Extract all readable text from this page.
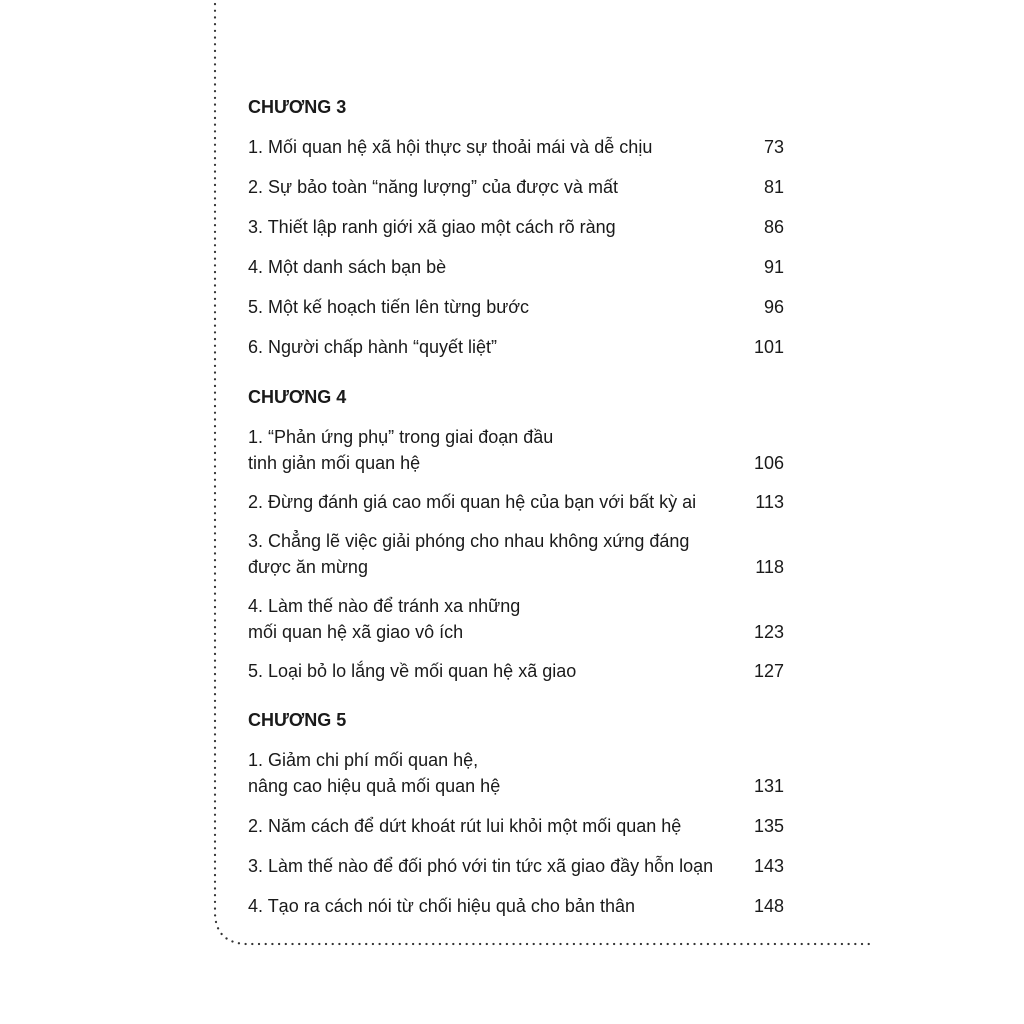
CHƯƠNG 3
1. Mối quan hệ xã hội thực sự thoải mái và dễ chịu	73
2. Sự bảo toàn “năng lượng” của được và mất	81
3. Thiết lập ranh giới xã giao một cách rõ ràng	86
4. Một danh sách bạn bè	91
5. Một kế hoạch tiến lên từng bước	96
6. Người chấp hành “quyết liệt”	101
CHƯƠNG 4
1. “Phản ứng phụ” trong giai đoạn đầu
tinh giản mối quan hệ	106
2. Đừng đánh giá cao mối quan hệ của bạn với bất kỳ ai	113
3. Chẳng lẽ việc giải phóng cho nhau không xứng đáng
được ăn mừng	118
4. Làm thế nào để tránh xa những
mối quan hệ xã giao vô ích	123
5. Loại bỏ lo lắng về mối quan hệ xã giao	127
CHƯƠNG 5
1. Giảm chi phí mối quan hệ,
nâng cao hiệu quả mối quan hệ	131
2. Năm cách để dứt khoát rút lui khỏi một mối quan hệ	135
3. Làm thế nào để đối phó với tin tức xã giao đầy hỗn loạn	143
4. Tạo ra cách nói từ chối hiệu quả cho bản thân	148
